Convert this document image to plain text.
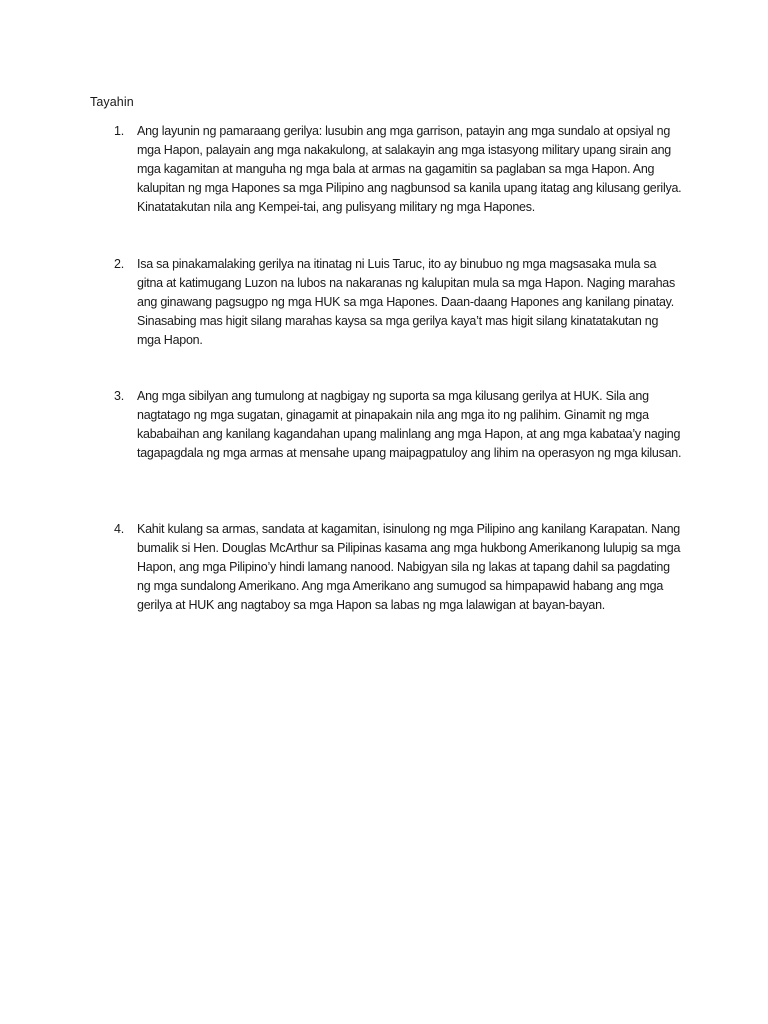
Tayahin
1.	Ang layunin ng pamaraang gerilya: lusubin ang mga garrison, patayin ang mga sundalo at opsiyal ng mga Hapon, palayain ang mga nakakulong, at salakayin ang mga istasyong military upang sirain ang mga kagamitan at manguha ng mga bala at armas na gagamitin sa paglaban sa mga Hapon. Ang kalupitan ng mga Hapones sa mga Pilipino ang nagbunsod sa kanila upang itatag ang kilusang gerilya. Kinatatakutan nila ang Kempei-tai, ang pulisyang military ng mga Hapones.
2.	Isa sa pinakamalaking gerilya na itinatag ni Luis Taruc, ito ay binubuo ng mga magsasaka mula sa gitna at katimugang Luzon na lubos na nakaranas ng kalupitan mula sa mga Hapon. Naging marahas ang ginawang pagsugpo ng mga HUK sa mga Hapones. Daan-daang Hapones ang kanilang pinatay. Sinasabing mas higit silang marahas kaysa sa mga gerilya kaya’t mas higit silang kinatatakutan ng mga Hapon.
3.	Ang mga sibilyan ang tumulong at nagbigay ng suporta sa mga kilusang gerilya at HUK. Sila ang nagtatago ng mga sugatan, ginagamit at pinapakain nila ang mga ito ng palihim. Ginamit ng mga kababaihan ang kanilang kagandahan upang malinlang ang mga Hapon, at ang mga kabataa’y naging tagapagdala ng mga armas at mensahe upang maipagpatuloy ang lihim na operasyon ng mga kilusan.
4.	Kahit kulang sa armas, sandata at kagamitan, isinulong ng mga Pilipino ang kanilang Karapatan. Nang bumalik si Hen. Douglas McArthur sa Pilipinas kasama ang mga hukbong Amerikanong lulupig sa mga Hapon, ang mga Pilipino’y hindi lamang nanood. Nabigyan sila ng lakas at tapang dahil sa pagdating ng mga sundalong Amerikano. Ang mga Amerikano ang sumugod sa himpapawid habang ang mga gerilya at HUK ang nagtaboy sa mga Hapon sa labas ng mga lalawigan at bayan-bayan.
